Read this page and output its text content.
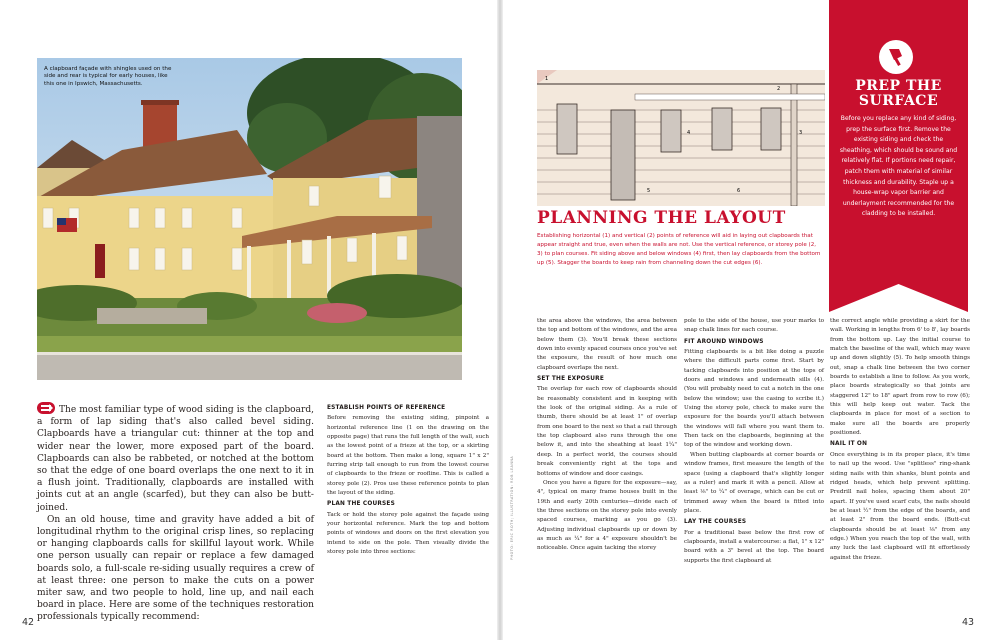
A clapboard façade with shingles used on the side and rear is typical for early houses, like this one in Ipswich, Massachusetts.

The most familiar type of wood siding is the clapboard, a form of lap siding that's also called bevel siding. Clapboards have a triangular cut: thinner at the top and wider near the lower, more exposed part of the board. Clapboards can also be rabbeted, or notched at the bottom so that the edge of one board overlaps the one next to it in a flush joint. Traditionally, clapboards are installed with joints cut at an angle (scarfed), but they can also be butt-joined.

On an old house, time and gravity have added a bit of longitudinal rhythm to the original crisp lines, so replacing or hanging clapboards calls for skillful layout work. While one person usually can repair or replace a few damaged boards solo, a full-scale re-siding usually requires a crew of at least three: one person to make the cuts on a power miter saw, and two people to hold, line up, and nail each board in place. Here are some of the techniques restoration professionals typically recommend:

ESTABLISH POINTS OF REFERENCE

Before removing the existing siding, pinpoint a horizontal reference line (1 on the drawing on the opposite page) that runs the full length of the wall, such as the lowest point of a frieze at the top, or a skirting board at the bottom. Then make a long, square 1" x 2" furring strip tall enough to run from the lowest course of clapboards to the frieze or roofline. This is called a storey pole (2). Pros use these reference points to plan the layout of the siding.

PLAN THE COURSES

Tack or hold the storey pole against the façade using your horizontal reference. Mark the top and bottom points of windows and doors on the first elevation you intend to side on the pole. Then visually divide the storey pole into three sections:

42
PHOTO: ERIC ROTH; ILLUSTRATION: ROB LEANNA
1
2
3
4
5	6
PLANNING THE LAYOUT
Establishing horizontal (1) and vertical (2) points of reference will aid in laying out clapboards that appear straight and true, even when the walls are not. Use the vertical reference, or storey pole (2, 3) to plan courses. Fit siding above and below windows (4) first, then lay clapboards from the bottom up (5). Stagger the boards to keep rain from channeling down the cut edges (6).

the area above the windows, the area between the top and bottom of the windows, and the area below them (3). You'll break these sections down into evenly spaced courses once you've set the exposure, the result of how much one clapboard overlaps the next.

SET THE EXPOSURE

The overlap for each row of clapboards should be reasonably consistent and in keeping with the look of the original siding. As a rule of thumb, there should be at least 1" of overlap from one board to the next so that a rail through the top clapboard also runs through the one below it, and into the sheathing at least 1¼" deep. In a perfect world, the courses should break conveniently right at the tops and bottoms of window and door casings.

Once you have a figure for the exposure—say, 4", typical on many frame houses built in the 19th and early 20th centuries—divide each of the three sections on the storey pole into evenly spaced courses, marking as you go (3). Adjusting individual clapboards up or down by as much as ¼" for a 4" exposure shouldn't be noticeable. Once again tacking the storey

pole to the side of the house, use your marks to snap chalk lines for each course.

FIT AROUND WINDOWS

Fitting clapboards is a bit like doing a puzzle where the difficult parts come first. Start by tacking clapboards into position at the tops of doors and windows and underneath sills (4). (You will probably need to cut a notch in the one below the window; use the casing to scribe it.) Using the storey pole, check to make sure the exposure for the boards you'll attach between the windows will fall where you want them to. Then tack on the clapboards, beginning at the top of the window and working down.

When butting clapboards at corner boards or window frames, first measure the length of the space (using a clapboard that's slightly longer as a ruler) and mark it with a pencil. Allow at least ⅛" to ¼" of overage, which can be cut or trimmed away when the board is fitted into place.

LAY THE COURSES

For a traditional base below the first row of clapboards, install a watercourse: a flat, 1" x 12" board with a 3" bevel at the top. The board supports the first clapboard at

the correct angle while providing a skirt for the wall. Working in lengths from 6' to 8', lay boards from the bottom up. Lay the initial course to match the baseline of the wall, which may wave up and down slightly (5). To help smooth things out, snap a chalk line between the two corner boards to establish a line to follow. As you work, place boards strategically so that joints are staggered 12" to 18" apart from row to row (6); this will help keep out water. Tack the clapboards in place for most of a section to make sure all the boards are properly positioned.

NAIL IT ON

Once everything is in its proper place, it's time to nail up the wood. Use "splitless" ring-shank siding nails with thin shanks, blunt points and ridged heads, which help prevent splitting. Predrill nail holes, spacing them about 20" apart. If you've used scarf cuts, the nails should be at least ½" from the edge of the boards, and at least 2" from the board ends. (Butt-cut clapboards should be at least ⅛" from any edge.) When you reach the top of the wall, with any luck the last clapboard will fit effortlessly against the frieze.

PREP THE
SURFACE
Before you replace any kind of siding, prep the surface first. Remove the existing siding and check the sheathing, which should be sound and relatively flat. If portions need repair, patch them with material of similar thickness and durability. Staple up a house-wrap vapor barrier and underlayment recommended for the cladding to be installed.
43
